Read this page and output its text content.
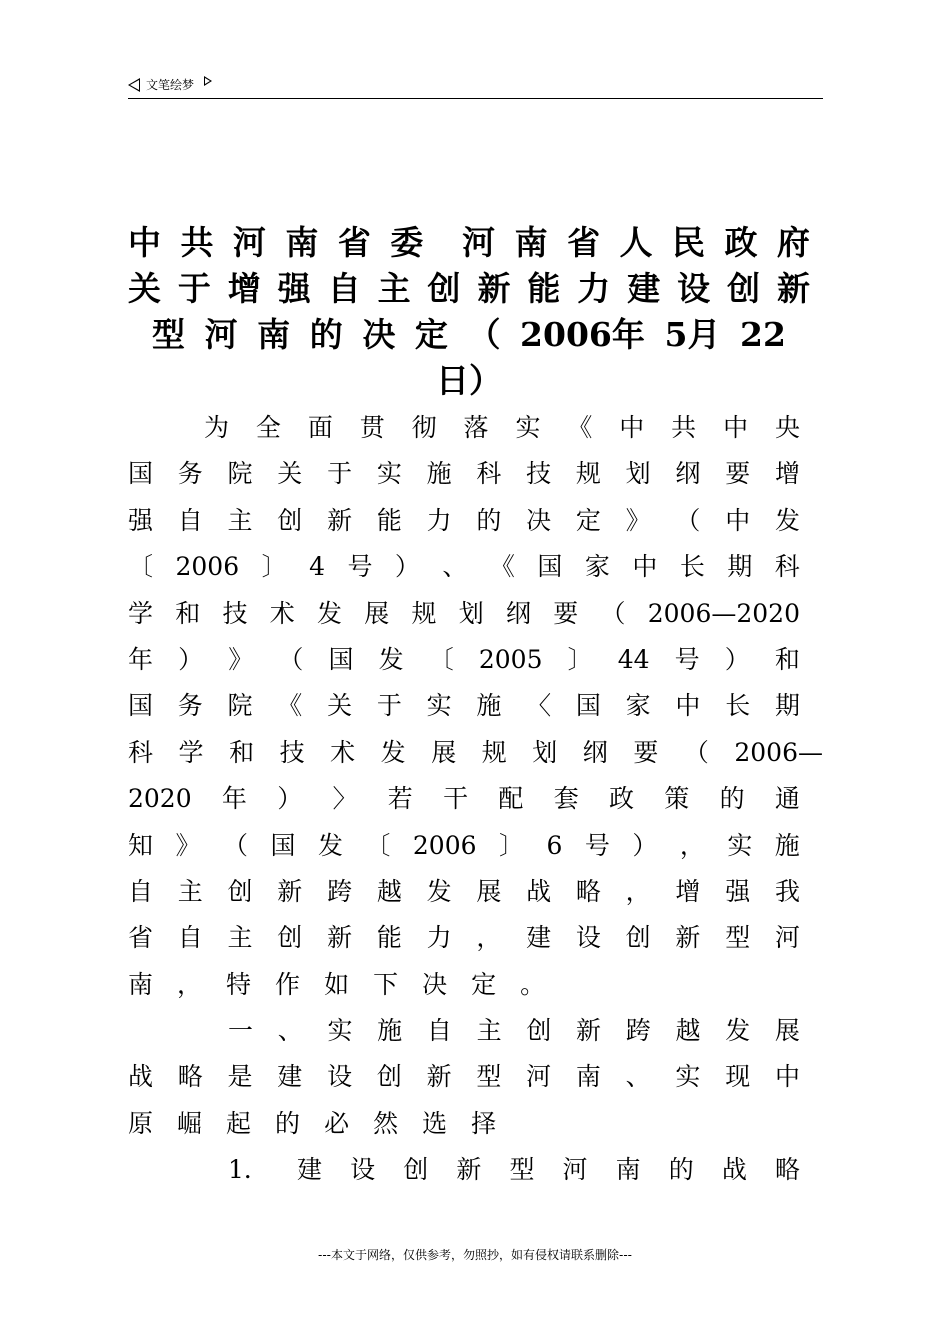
文笔绘梦
中 共 河 南 省 委 河 南 省 人 民 政 府
关 于 增 强 自 主 创 新 能 力 建 设 创 新
型 河 南 的 决 定 （ 2006年 5月 22
日 ）
为 全 面 贯 彻 落 实 《 中 共 中 央
国 务 院 关 于 实 施 科 技 规 划 纲 要 增
强 自 主 创 新 能 力 的 决 定 》 （ 中 发
〔 2006 〕 4 号 ） 、 《 国 家 中 长 期 科
学 和 技 术 发 展 规 划 纲 要 （ 2006—2020
年 ） 》 （ 国 发 〔 2005 〕 44 号 ） 和
国 务 院 《 关 于 实 施 〈 国 家 中 长 期
科 学 和 技 术 发 展 规 划 纲 要 （ 2006—
2020 年 ） 〉 若 干 配 套 政 策 的 通
知 》 （ 国 发 〔 2006 〕 6 号 ） ， 实 施
自 主 创 新 跨 越 发 展 战 略 ， 增 强 我
省 自 主 创 新 能 力 ， 建 设 创 新 型 河
南 ， 特 作 如 下 决 定 。
一 、 实 施 自 主 创 新 跨 越 发 展
战 略 是 建 设 创 新 型 河 南 、 实 现 中
原 崛 起 的 必 然 选 择
1． 建 设 创 新 型 河 南 的 战 略
---本文于网络，仅供参考，勿照抄，如有侵权请联系删除---
